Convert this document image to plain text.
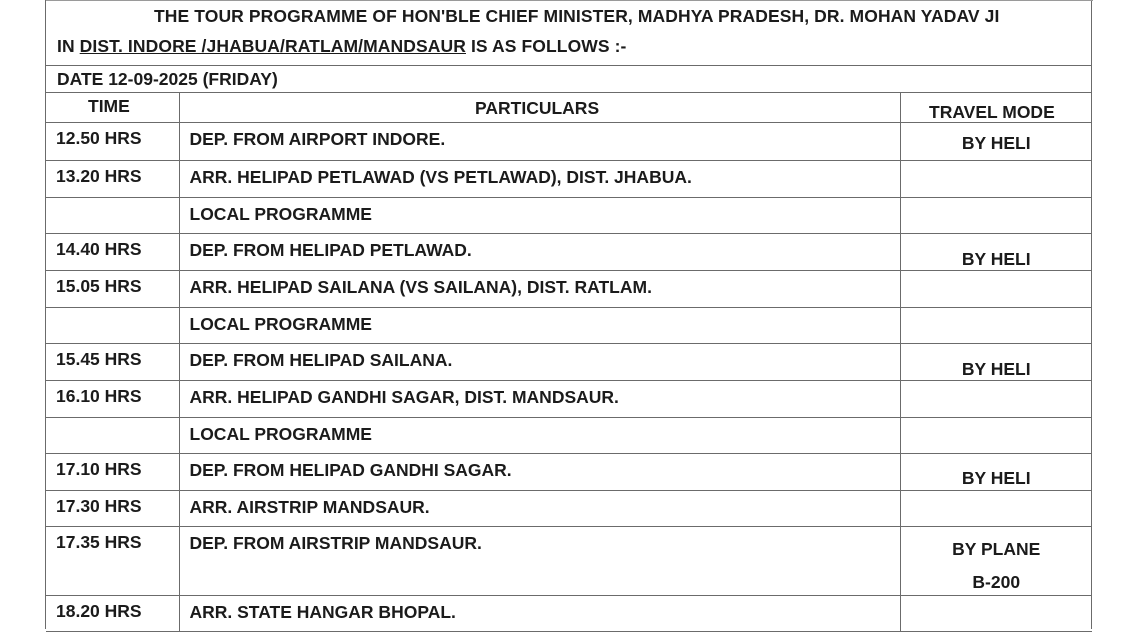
THE TOUR PROGRAMME OF HON'BLE CHIEF MINISTER, MADHYA PRADESH, DR. MOHAN YADAV JI
IN DIST. INDORE /JHABUA/RATLAM/MANDSAUR IS AS FOLLOWS :-
DATE 12-09-2025 (FRIDAY)
TIME	PARTICULARS	TRAVEL MODE
12.50 HRS	DEP. FROM AIRPORT INDORE.	BY HELI

13.20 HRS	ARR. HELIPAD PETLAWAD (VS PETLAWAD), DIST. JHABUA.	

	LOCAL PROGRAMME	

14.40 HRS	DEP. FROM HELIPAD PETLAWAD.	BY HELI

15.05 HRS	ARR. HELIPAD SAILANA (VS SAILANA), DIST. RATLAM.	

	LOCAL PROGRAMME	

15.45 HRS	DEP. FROM HELIPAD SAILANA.	BY HELI

16.10 HRS	ARR. HELIPAD GANDHI SAGAR, DIST. MANDSAUR.	

	LOCAL PROGRAMME	

17.10 HRS	DEP. FROM HELIPAD GANDHI SAGAR.	BY HELI

17.30 HRS	ARR. AIRSTRIP MANDSAUR.	

17.35 HRS	DEP. FROM AIRSTRIP MANDSAUR.	BY PLANE
B-200

18.20 HRS	ARR. STATE HANGAR BHOPAL.	
